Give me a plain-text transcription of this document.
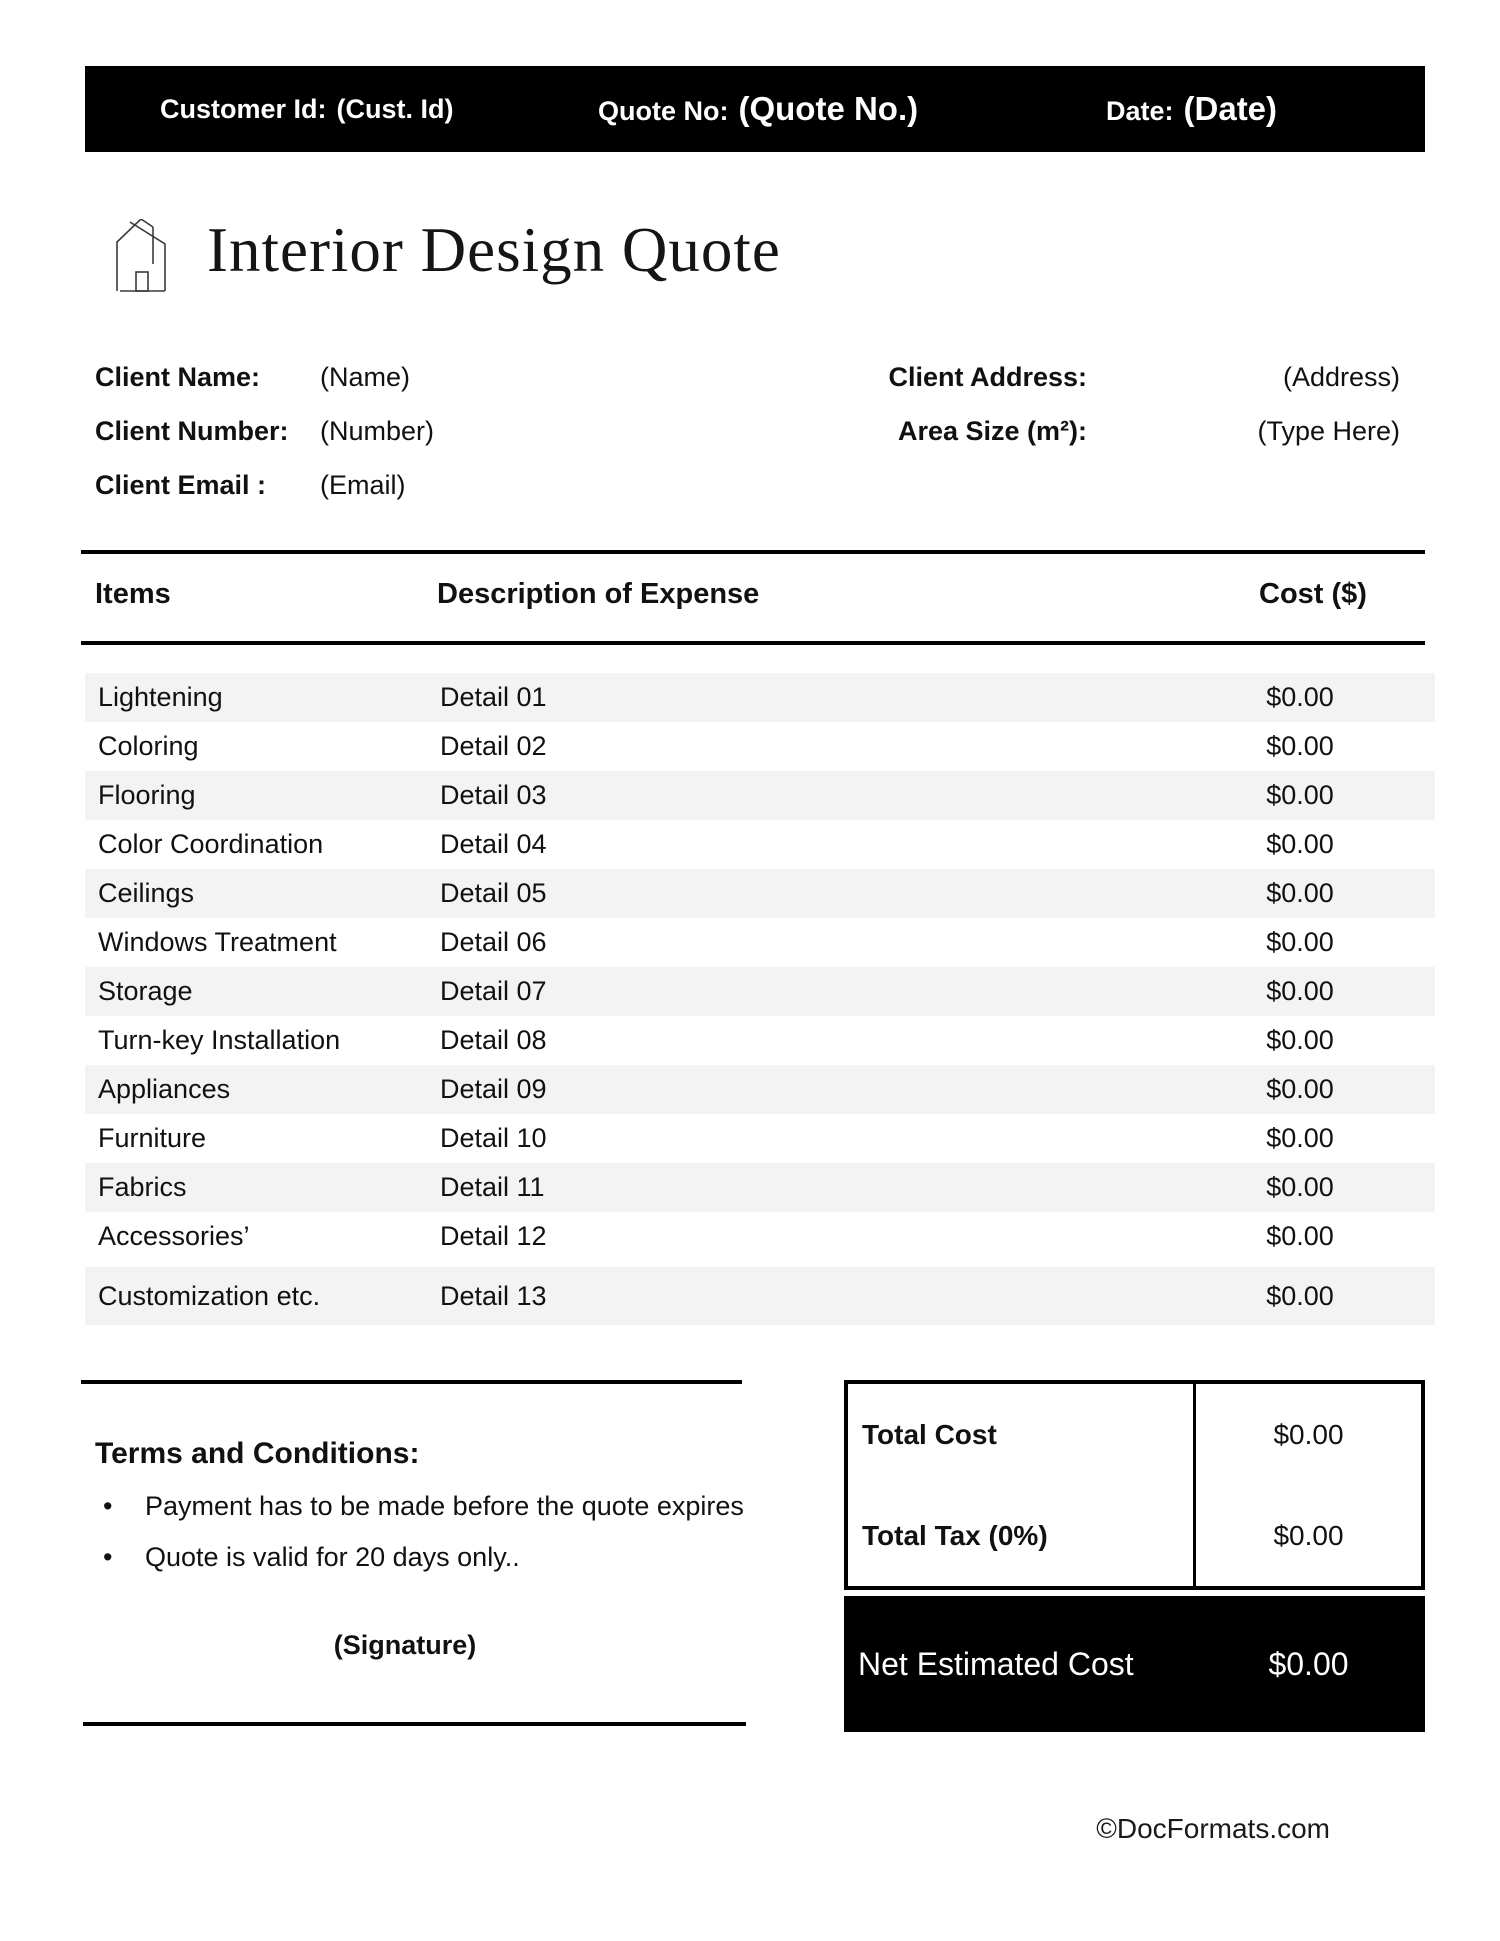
Customer Id: (Cust. Id)	Quote No: (Quote No.)	Date: (Date)
Interior Design Quote
Client Name: (Name)
Client Number: (Number)
Client Email : (Email)
Client Address:	(Address)
Area Size (m²):	(Type Here)
Items	Description of Expense	Cost ($)
Lightening	Detail 01	$0.00
Coloring	Detail 02	$0.00
Flooring	Detail 03	$0.00
Color Coordination	Detail 04	$0.00
Ceilings	Detail 05	$0.00
Windows Treatment	Detail 06	$0.00
Storage	Detail 07	$0.00
Turn-key Installation	Detail 08	$0.00
Appliances	Detail 09	$0.00
Furniture	Detail 10	$0.00
Fabrics	Detail 11	$0.00
Accessories’	Detail 12	$0.00
Customization etc.	Detail 13	$0.00
Terms and Conditions:
• Payment has to be made before the quote expires
• Quote is valid for 20 days only..
(Signature)
Total Cost	$0.00
Total Tax (0%)	$0.00
Net Estimated Cost	$0.00
©DocFormats.com
